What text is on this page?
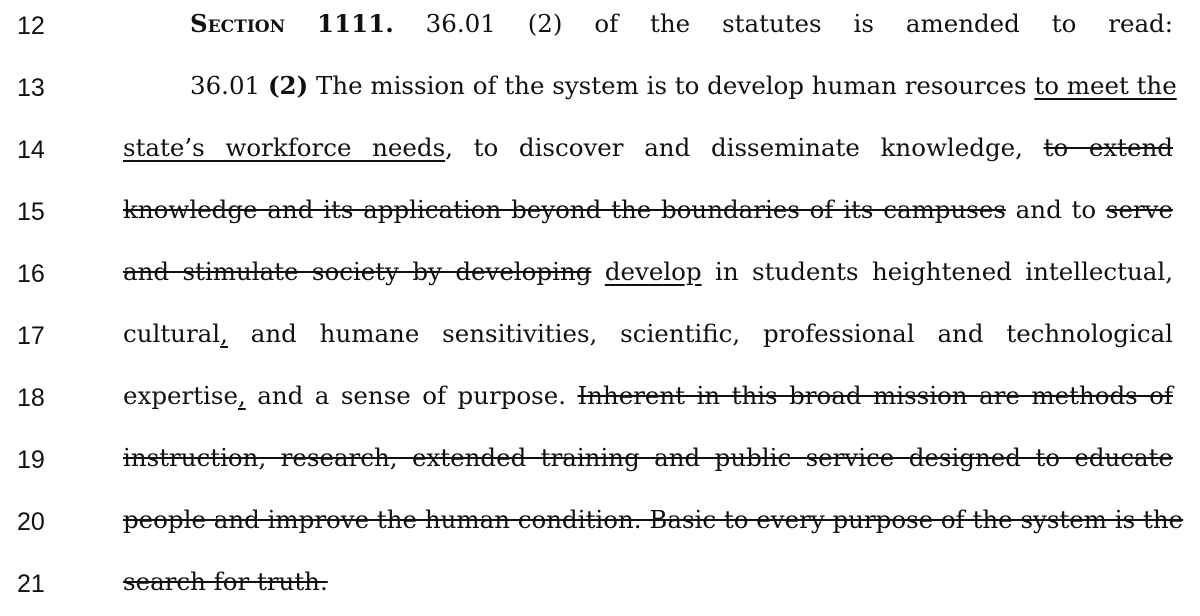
12	Section 1111. 36.01 (2) of the statutes is amended to read:
13	36.01 (2) The mission of the system is to develop human resources to meet the
14	state’s workforce needs, to discover and disseminate knowledge, to extend
15	knowledge and its application beyond the boundaries of its campuses and to serve
16	and stimulate society by developing develop in students heightened intellectual,
17	cultural, and humane sensitivities, scientific, professional and technological
18	expertise, and a sense of purpose. Inherent in this broad mission are methods of
19	instruction, research, extended training and public service designed to educate
20	people and improve the human condition. Basic to every purpose of the system is the
21	search for truth.
